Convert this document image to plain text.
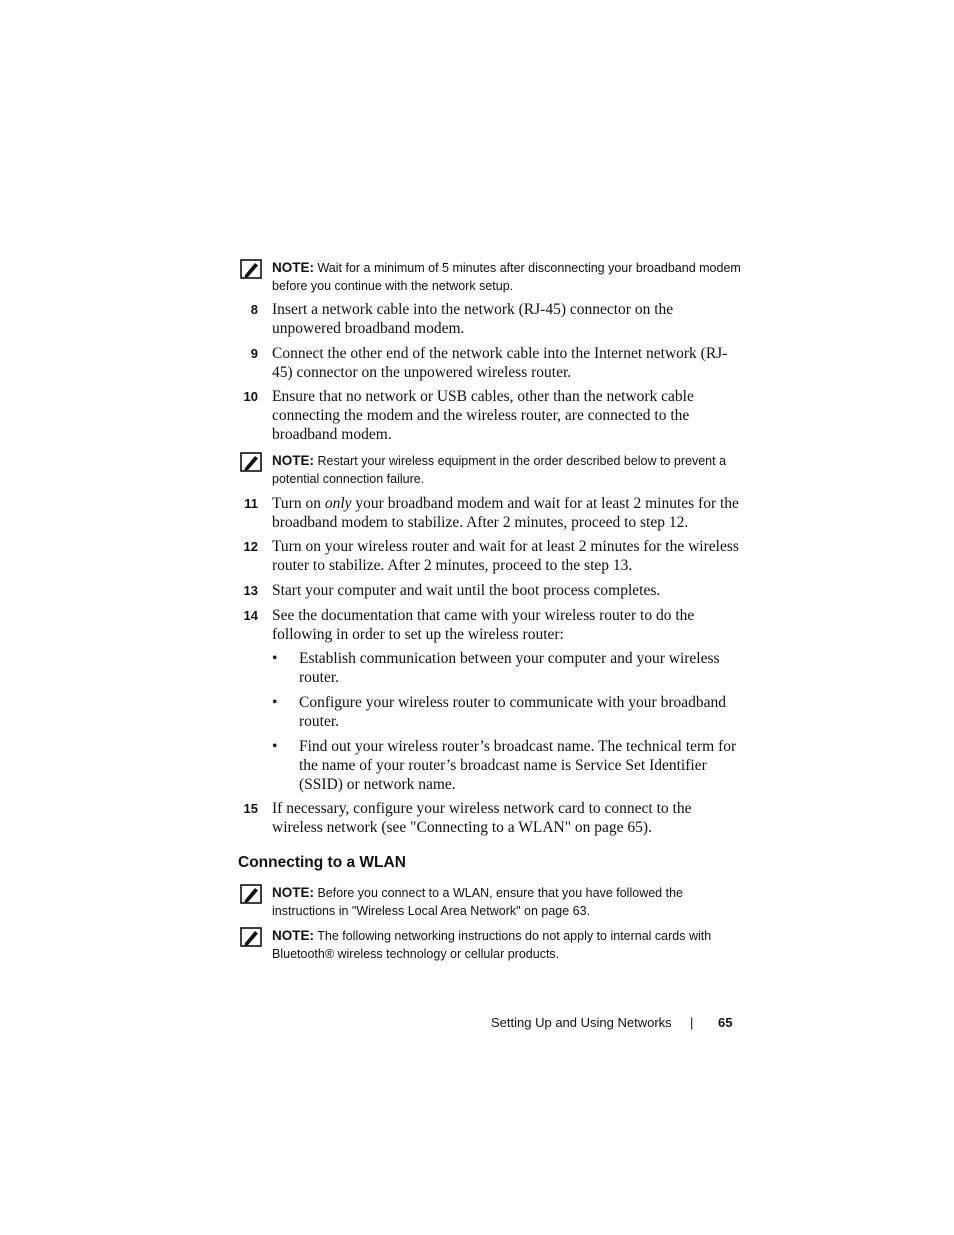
NOTE: Wait for a minimum of 5 minutes after disconnecting your broadband modem before you continue with the network setup.
8 Insert a network cable into the network (RJ-45) connector on the unpowered broadband modem.
9 Connect the other end of the network cable into the Internet network (RJ-45) connector on the unpowered wireless router.
10 Ensure that no network or USB cables, other than the network cable connecting the modem and the wireless router, are connected to the broadband modem.
NOTE: Restart your wireless equipment in the order described below to prevent a potential connection failure.
11 Turn on only your broadband modem and wait for at least 2 minutes for the broadband modem to stabilize. After 2 minutes, proceed to step 12.
12 Turn on your wireless router and wait for at least 2 minutes for the wireless router to stabilize. After 2 minutes, proceed to the step 13.
13 Start your computer and wait until the boot process completes.
14 See the documentation that came with your wireless router to do the following in order to set up the wireless router:
• Establish communication between your computer and your wireless router.
• Configure your wireless router to communicate with your broadband router.
• Find out your wireless router’s broadcast name. The technical term for the name of your router’s broadcast name is Service Set Identifier (SSID) or network name.
15 If necessary, configure your wireless network card to connect to the wireless network (see "Connecting to a WLAN" on page 65).
Connecting to a WLAN
NOTE: Before you connect to a WLAN, ensure that you have followed the instructions in "Wireless Local Area Network" on page 63.
NOTE: The following networking instructions do not apply to internal cards with Bluetooth® wireless technology or cellular products.
Setting Up and Using Networks | 65
